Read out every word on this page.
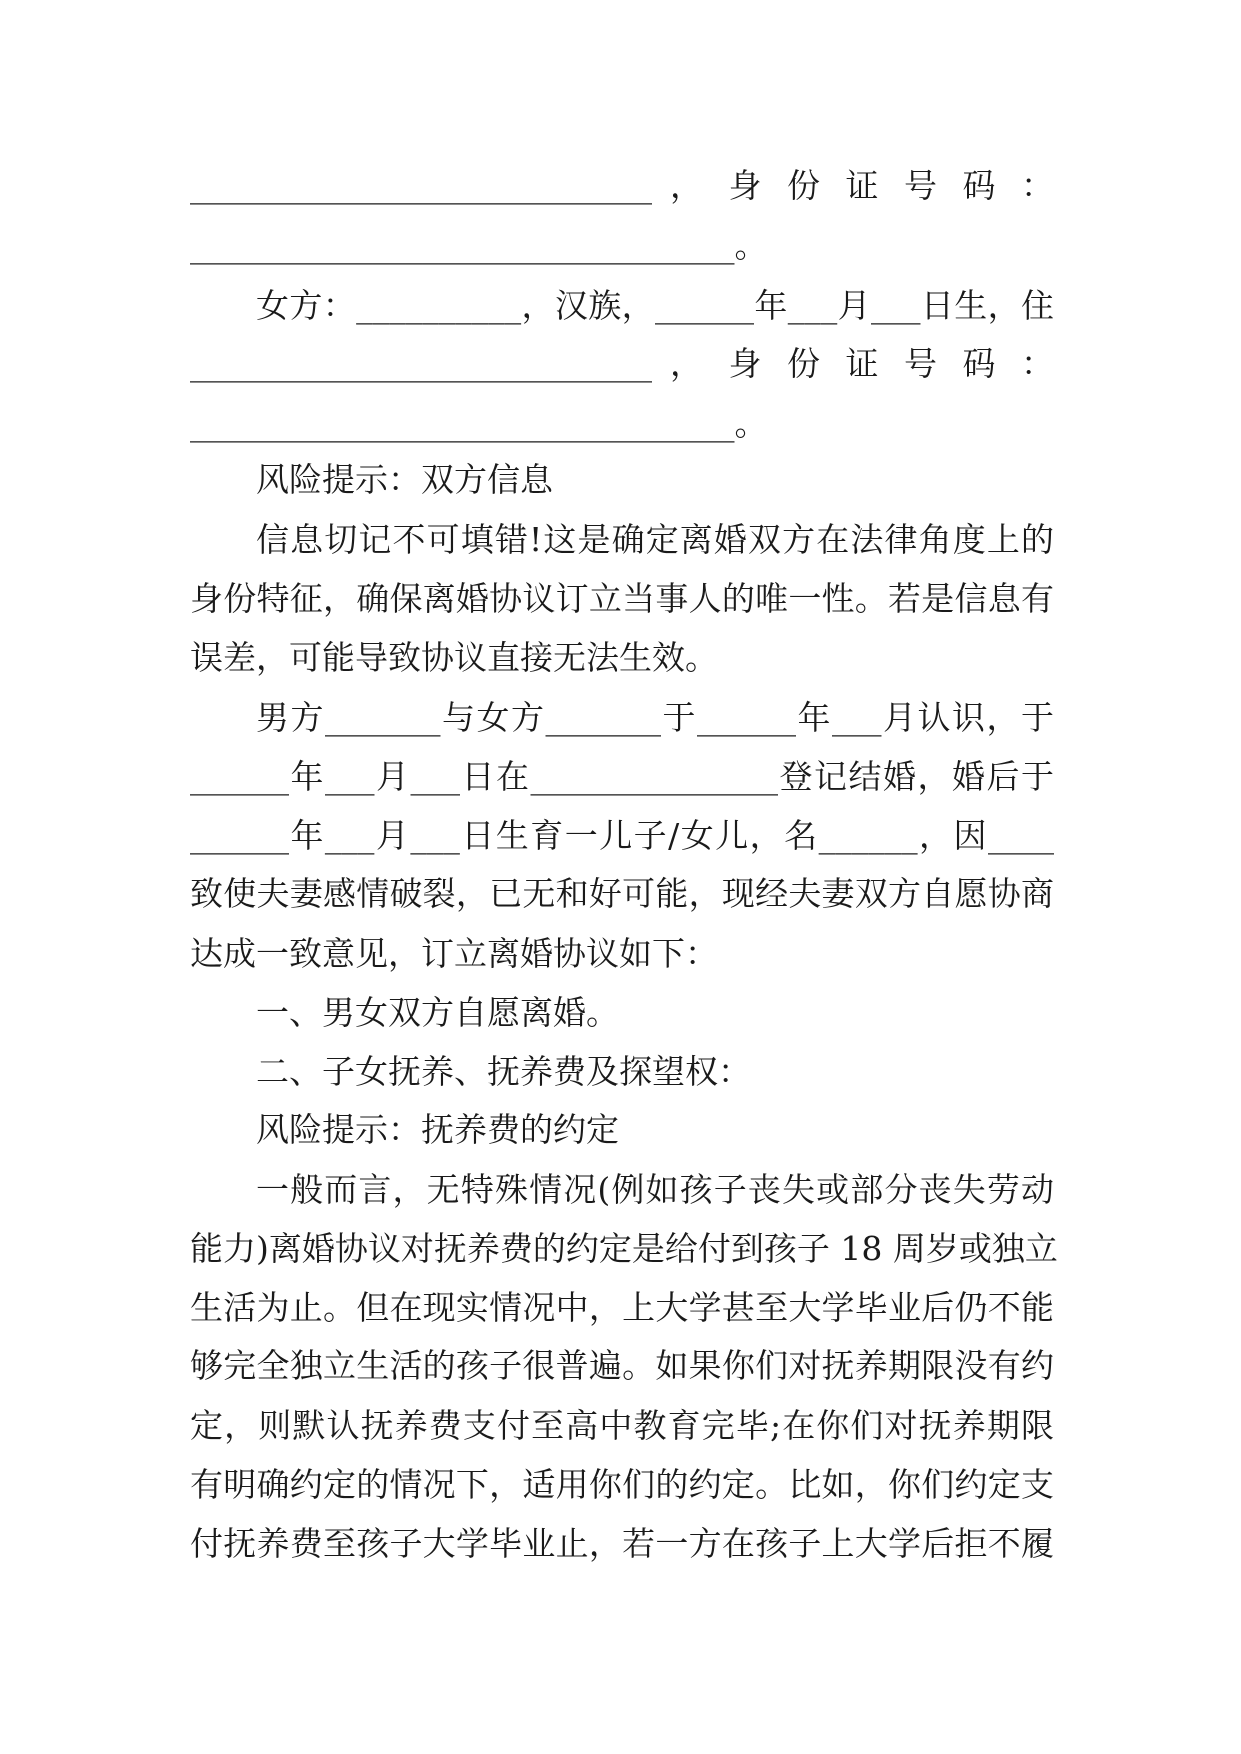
____________________________ ， 身 份 证 号 码 ：
_________________________________。
女方：__________，汉族，______年___月___日生，住
____________________________ ， 身 份 证 号 码 ：
_________________________________。
风险提示：双方信息
信息切记不可填错!这是确定离婚双方在法律角度上的
身份特征，确保离婚协议订立当事人的唯一性。若是信息有
误差，可能导致协议直接无法生效。
男方_______与女方_______于______年___月认识，于
______年___月___日在_______________登记结婚，婚后于
______年___月___日生育一儿子/女儿，名______，因____
致使夫妻感情破裂，已无和好可能，现经夫妻双方自愿协商
达成一致意见，订立离婚协议如下：
一、男女双方自愿离婚。
二、子女抚养、抚养费及探望权：
风险提示：抚养费的约定
一般而言，无特殊情况(例如孩子丧失或部分丧失劳动
能力)离婚协议对抚养费的约定是给付到孩子 18 周岁或独立
生活为止。但在现实情况中，上大学甚至大学毕业后仍不能
够完全独立生活的孩子很普遍。如果你们对抚养期限没有约
定，则默认抚养费支付至高中教育完毕;在你们对抚养期限
有明确约定的情况下，适用你们的约定。比如，你们约定支
付抚养费至孩子大学毕业止，若一方在孩子上大学后拒不履
